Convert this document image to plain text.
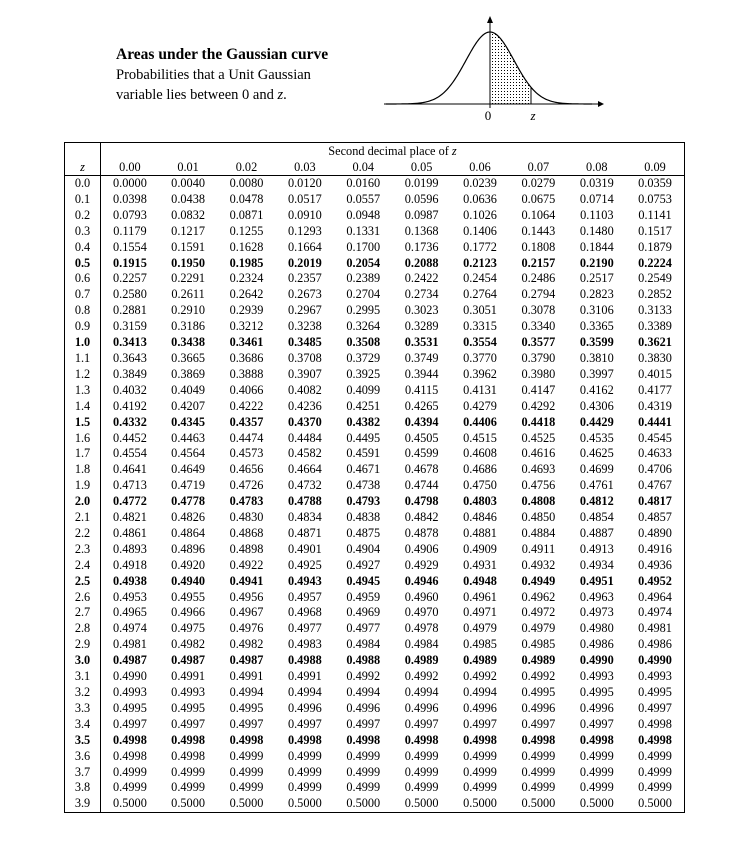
Areas under the Gaussian curve
Probabilities that a Unit Gaussian
variable lies between 0 and z.
0	z
	Second decimal place of z									
z	0.00	0.01	0.02	0.03	0.04	0.05	0.06	0.07	0.08	0.09
0.0	0.0000	0.0040	0.0080	0.0120	0.0160	0.0199	0.0239	0.0279	0.0319	0.0359
0.1	0.0398	0.0438	0.0478	0.0517	0.0557	0.0596	0.0636	0.0675	0.0714	0.0753
0.2	0.0793	0.0832	0.0871	0.0910	0.0948	0.0987	0.1026	0.1064	0.1103	0.1141
0.3	0.1179	0.1217	0.1255	0.1293	0.1331	0.1368	0.1406	0.1443	0.1480	0.1517
0.4	0.1554	0.1591	0.1628	0.1664	0.1700	0.1736	0.1772	0.1808	0.1844	0.1879
0.5	0.1915	0.1950	0.1985	0.2019	0.2054	0.2088	0.2123	0.2157	0.2190	0.2224
0.6	0.2257	0.2291	0.2324	0.2357	0.2389	0.2422	0.2454	0.2486	0.2517	0.2549
0.7	0.2580	0.2611	0.2642	0.2673	0.2704	0.2734	0.2764	0.2794	0.2823	0.2852
0.8	0.2881	0.2910	0.2939	0.2967	0.2995	0.3023	0.3051	0.3078	0.3106	0.3133
0.9	0.3159	0.3186	0.3212	0.3238	0.3264	0.3289	0.3315	0.3340	0.3365	0.3389
1.0	0.3413	0.3438	0.3461	0.3485	0.3508	0.3531	0.3554	0.3577	0.3599	0.3621
1.1	0.3643	0.3665	0.3686	0.3708	0.3729	0.3749	0.3770	0.3790	0.3810	0.3830
1.2	0.3849	0.3869	0.3888	0.3907	0.3925	0.3944	0.3962	0.3980	0.3997	0.4015
1.3	0.4032	0.4049	0.4066	0.4082	0.4099	0.4115	0.4131	0.4147	0.4162	0.4177
1.4	0.4192	0.4207	0.4222	0.4236	0.4251	0.4265	0.4279	0.4292	0.4306	0.4319
1.5	0.4332	0.4345	0.4357	0.4370	0.4382	0.4394	0.4406	0.4418	0.4429	0.4441
1.6	0.4452	0.4463	0.4474	0.4484	0.4495	0.4505	0.4515	0.4525	0.4535	0.4545
1.7	0.4554	0.4564	0.4573	0.4582	0.4591	0.4599	0.4608	0.4616	0.4625	0.4633
1.8	0.4641	0.4649	0.4656	0.4664	0.4671	0.4678	0.4686	0.4693	0.4699	0.4706
1.9	0.4713	0.4719	0.4726	0.4732	0.4738	0.4744	0.4750	0.4756	0.4761	0.4767
2.0	0.4772	0.4778	0.4783	0.4788	0.4793	0.4798	0.4803	0.4808	0.4812	0.4817
2.1	0.4821	0.4826	0.4830	0.4834	0.4838	0.4842	0.4846	0.4850	0.4854	0.4857
2.2	0.4861	0.4864	0.4868	0.4871	0.4875	0.4878	0.4881	0.4884	0.4887	0.4890
2.3	0.4893	0.4896	0.4898	0.4901	0.4904	0.4906	0.4909	0.4911	0.4913	0.4916
2.4	0.4918	0.4920	0.4922	0.4925	0.4927	0.4929	0.4931	0.4932	0.4934	0.4936
2.5	0.4938	0.4940	0.4941	0.4943	0.4945	0.4946	0.4948	0.4949	0.4951	0.4952
2.6	0.4953	0.4955	0.4956	0.4957	0.4959	0.4960	0.4961	0.4962	0.4963	0.4964
2.7	0.4965	0.4966	0.4967	0.4968	0.4969	0.4970	0.4971	0.4972	0.4973	0.4974
2.8	0.4974	0.4975	0.4976	0.4977	0.4977	0.4978	0.4979	0.4979	0.4980	0.4981
2.9	0.4981	0.4982	0.4982	0.4983	0.4984	0.4984	0.4985	0.4985	0.4986	0.4986
3.0	0.4987	0.4987	0.4987	0.4988	0.4988	0.4989	0.4989	0.4989	0.4990	0.4990
3.1	0.4990	0.4991	0.4991	0.4991	0.4992	0.4992	0.4992	0.4992	0.4993	0.4993
3.2	0.4993	0.4993	0.4994	0.4994	0.4994	0.4994	0.4994	0.4995	0.4995	0.4995
3.3	0.4995	0.4995	0.4995	0.4996	0.4996	0.4996	0.4996	0.4996	0.4996	0.4997
3.4	0.4997	0.4997	0.4997	0.4997	0.4997	0.4997	0.4997	0.4997	0.4997	0.4998
3.5	0.4998	0.4998	0.4998	0.4998	0.4998	0.4998	0.4998	0.4998	0.4998	0.4998
3.6	0.4998	0.4998	0.4999	0.4999	0.4999	0.4999	0.4999	0.4999	0.4999	0.4999
3.7	0.4999	0.4999	0.4999	0.4999	0.4999	0.4999	0.4999	0.4999	0.4999	0.4999
3.8	0.4999	0.4999	0.4999	0.4999	0.4999	0.4999	0.4999	0.4999	0.4999	0.4999
3.9	0.5000	0.5000	0.5000	0.5000	0.5000	0.5000	0.5000	0.5000	0.5000	0.5000
